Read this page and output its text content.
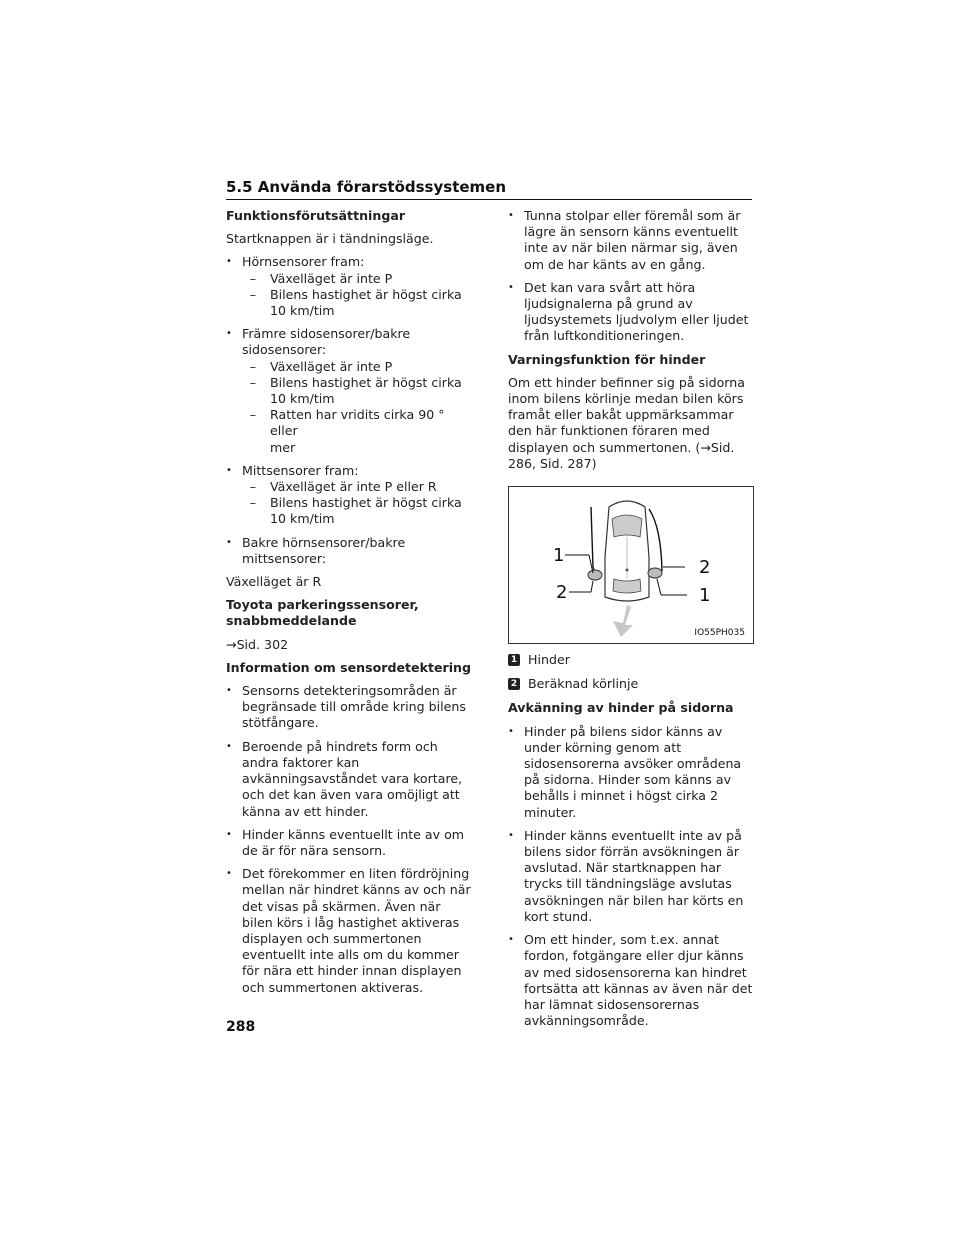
5.5 Använda förarstödssystemen
Funktionsförutsättningar
Startknappen är i tändningsläge.
• Hörnsensorer fram:
– Växelläget är inte P
– Bilens hastighet är högst cirka
10 km/tim
• Främre sidosensorer/bakre
sidosensorer:
– Växelläget är inte P
– Bilens hastighet är högst cirka
10 km/tim
– Ratten har vridits cirka 90 ° eller
mer
• Mittsensorer fram:
– Växelläget är inte P eller R
– Bilens hastighet är högst cirka
10 km/tim
• Bakre hörnsensorer/bakre
mittsensorer:
Växelläget är R
Toyota parkeringssensorer,
snabbmeddelande
→Sid. 302
Information om sensordetektering
• Sensorns detekteringsområden är begränsade till område kring bilens stötfångare.
• Beroende på hindrets form och andra faktorer kan avkänningsavståndet vara kortare, och det kan även vara omöjligt att känna av ett hinder.
• Hinder känns eventuellt inte av om de är för nära sensorn.
• Det förekommer en liten fördröjning mellan när hindret känns av och när det visas på skärmen. Även när bilen körs i låg hastighet aktiveras displayen och summertonen eventuellt inte alls om du kommer för nära ett hinder innan displayen och summertonen aktiveras.
• Tunna stolpar eller föremål som är lägre än sensorn känns eventuellt inte av när bilen närmar sig, även om de har känts av en gång.
• Det kan vara svårt att höra ljudsignalerna på grund av ljudsystemets ljudvolym eller ljudet från luftkonditioneringen.
Varningsfunktion för hinder
Om ett hinder befinner sig på sidorna inom bilens körlinje medan bilen körs framåt eller bakåt uppmärksammar den här funktionen föraren med displayen och summertonen. (→Sid. 286, Sid. 287)
1
2
2
1
IO55PH035
1 Hinder
2 Beräknad körlinje
Avkänning av hinder på sidorna
• Hinder på bilens sidor känns av under körning genom att sidosensorerna avsöker områdena på sidorna. Hinder som känns av behålls i minnet i högst cirka 2 minuter.
• Hinder känns eventuellt inte av på bilens sidor förrän avsökningen är avslutad. När startknappen har trycks till tändningsläge avslutas avsökningen när bilen har körts en kort stund.
• Om ett hinder, som t.ex. annat fordon, fotgängare eller djur känns av med sidosensorerna kan hindret fortsätta att kännas av även när det har lämnat sidosensorernas avkänningsområde.
288
